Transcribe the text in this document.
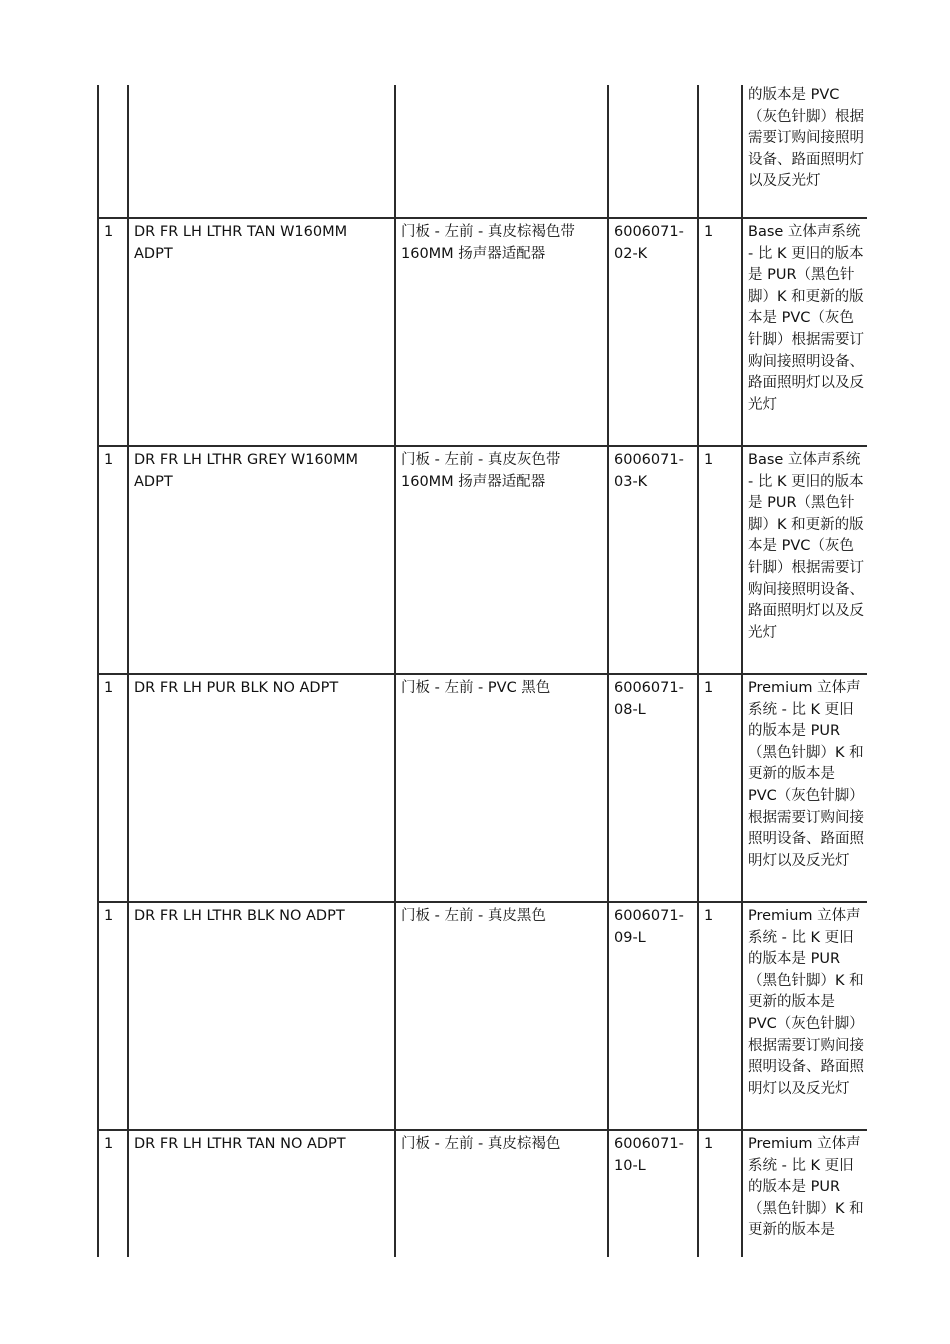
					的版本是 PVC（灰色针脚）根据需要订购间接照明设备、路面照明灯以及反光灯

1	DR FR LH LTHR TAN W160MM ADPT	门板 - 左前 - 真皮棕褐色带 160MM 扬声器适配器	6006071-02-K	1	Base 立体声系统 - 比 K 更旧的版本是 PUR（黑色针脚）K 和更新的版本是 PVC（灰色针脚）根据需要订购间接照明设备、路面照明灯以及反光灯

1	DR FR LH LTHR GREY W160MM ADPT	门板 - 左前 - 真皮灰色带 160MM 扬声器适配器	6006071-03-K	1	Base 立体声系统 - 比 K 更旧的版本是 PUR（黑色针脚）K 和更新的版本是 PVC（灰色针脚）根据需要订购间接照明设备、路面照明灯以及反光灯

1	DR FR LH PUR BLK NO ADPT	门板 - 左前 - PVC 黑色	6006071-08-L	1	Premium 立体声系统 - 比 K 更旧的版本是 PUR（黑色针脚）K 和更新的版本是 PVC（灰色针脚）根据需要订购间接照明设备、路面照明灯以及反光灯

1	DR FR LH LTHR BLK NO ADPT	门板 - 左前 - 真皮黑色	6006071-09-L	1	Premium 立体声系统 - 比 K 更旧的版本是 PUR（黑色针脚）K 和更新的版本是 PVC（灰色针脚）根据需要订购间接照明设备、路面照明灯以及反光灯

1	DR FR LH LTHR TAN NO ADPT	门板 - 左前 - 真皮棕褐色	6006071-10-L	1	Premium 立体声系统 - 比 K 更旧的版本是 PUR（黑色针脚）K 和更新的版本是
